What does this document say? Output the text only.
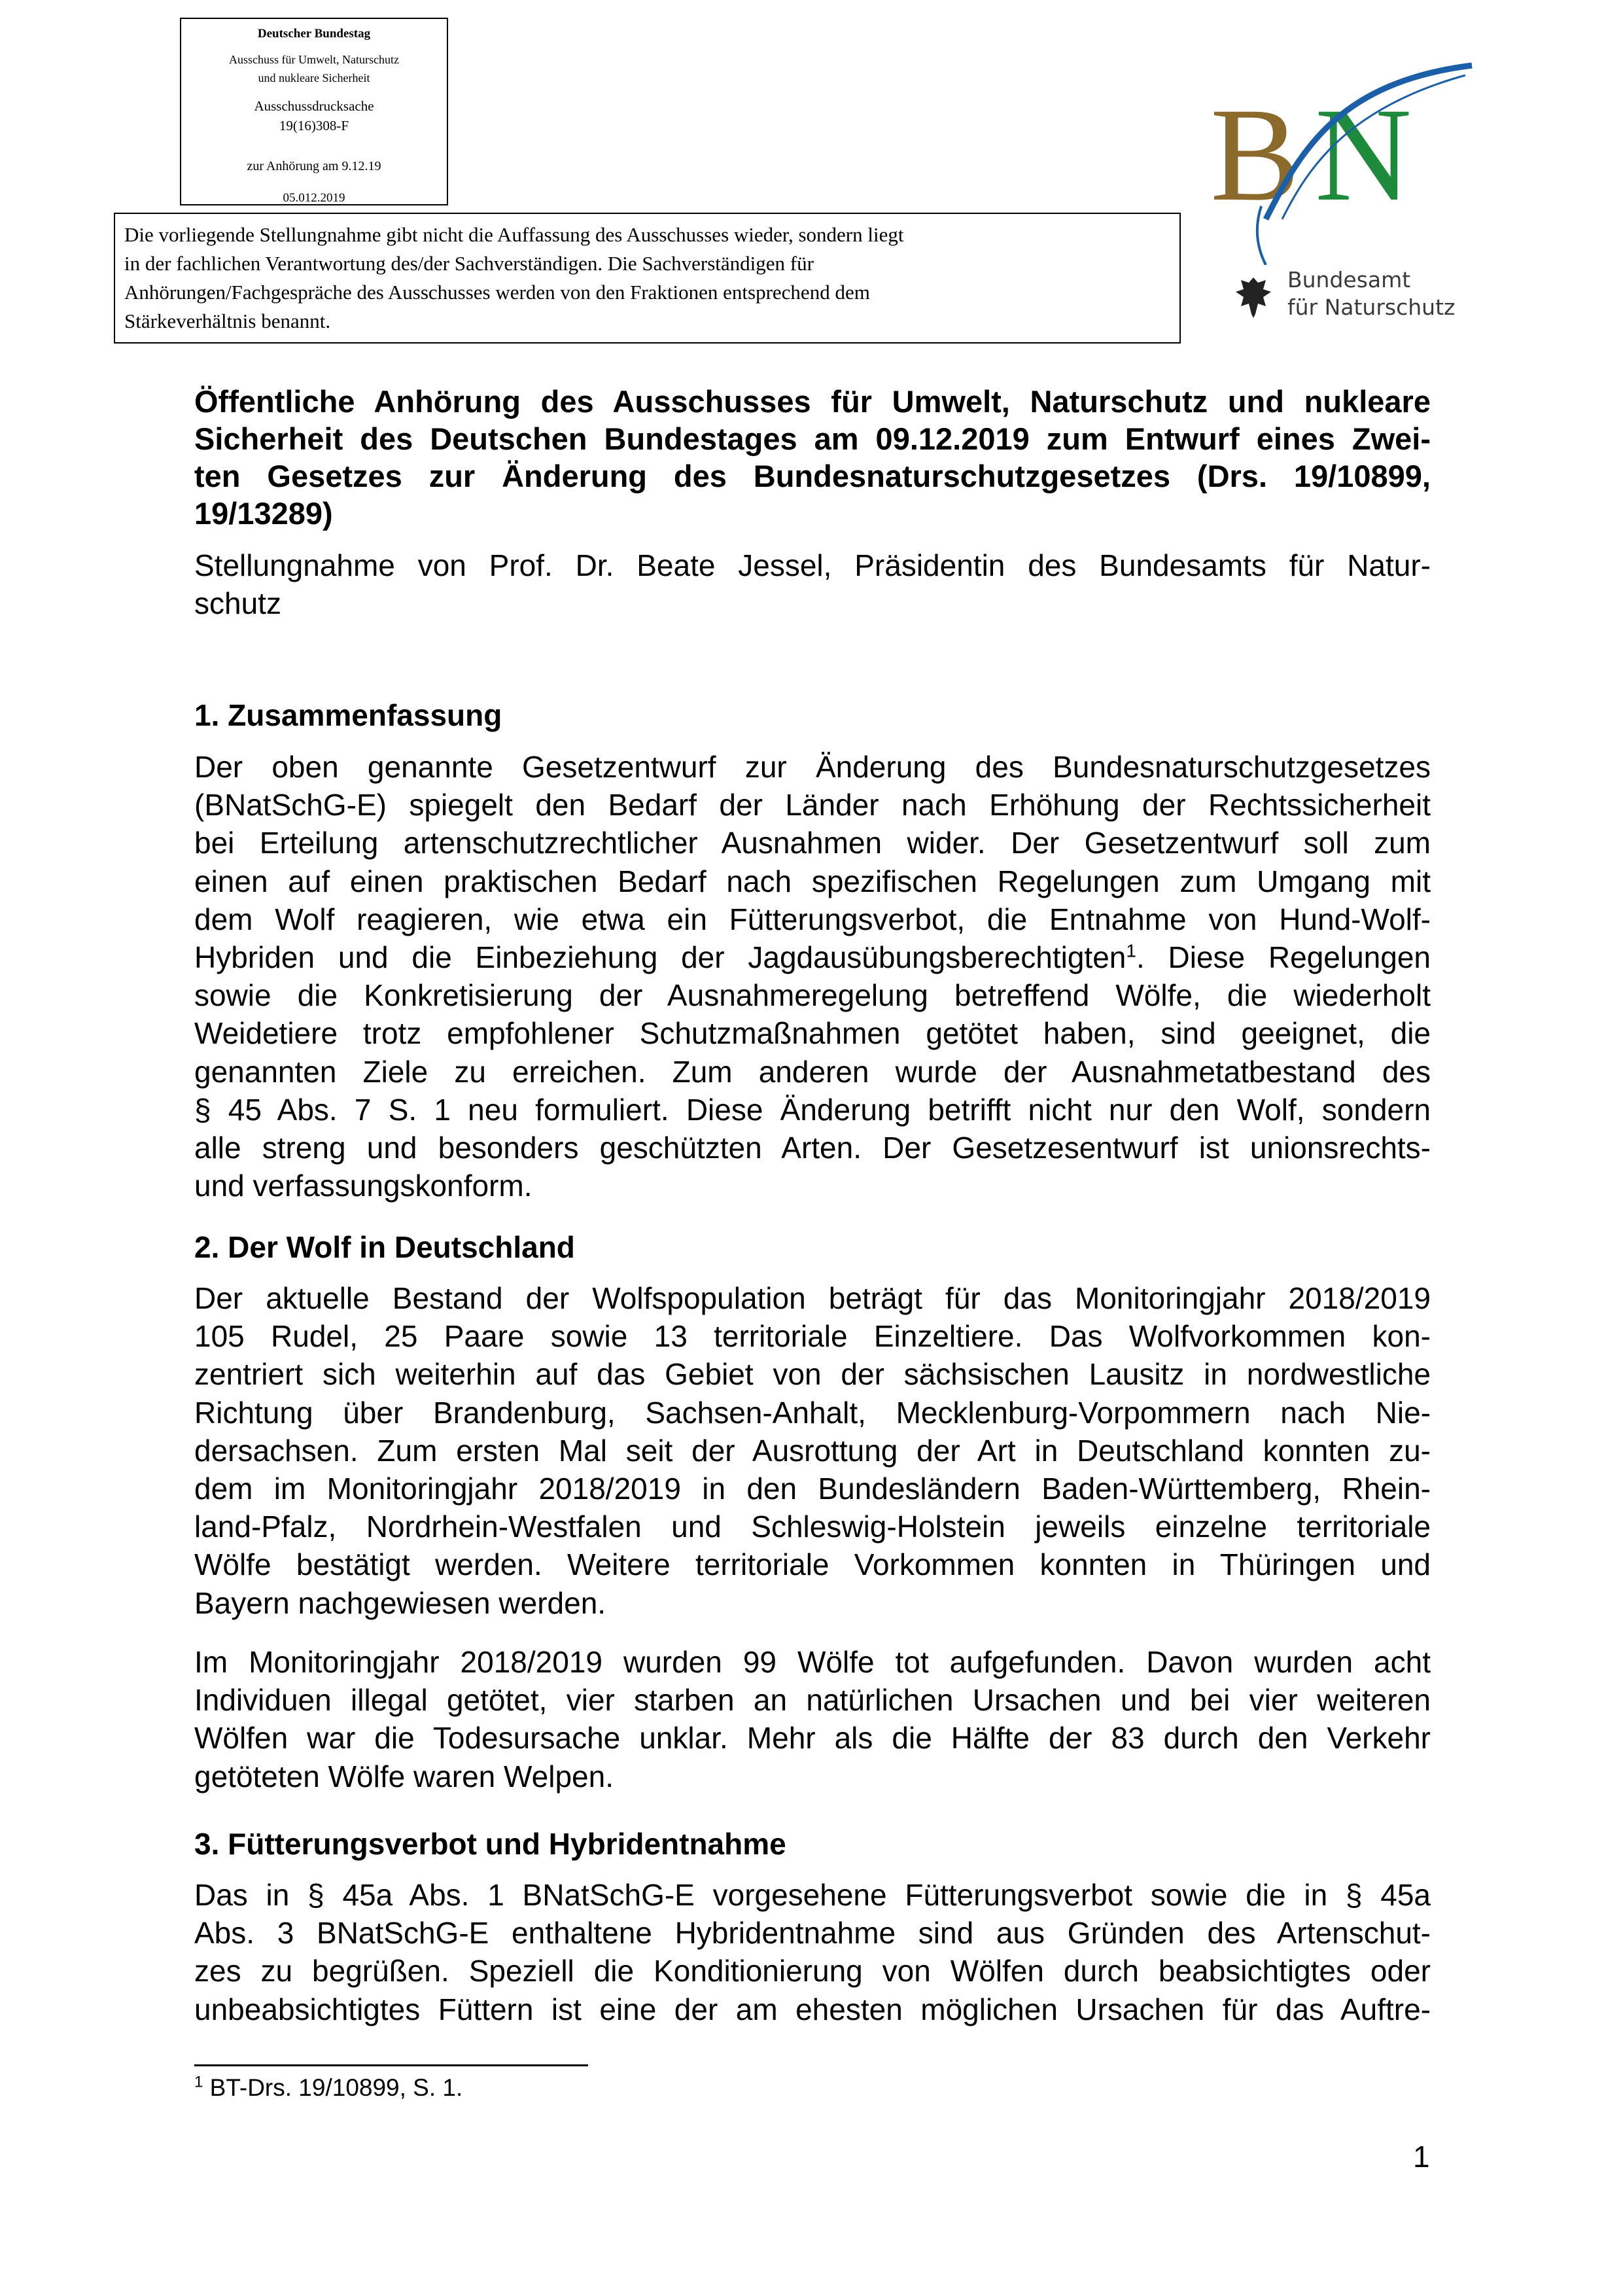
Deutscher Bundestag
Ausschuss für Umwelt, Naturschutz
und nukleare Sicherheit
Ausschussdrucksache
19(16)308-F
zur Anhörung am 9.12.19
05.012.2019
Die vorliegende Stellungnahme gibt nicht die Auffassung des Ausschusses wieder, sondern liegt
in der fachlichen Verantwortung des/der Sachverständigen. Die Sachverständigen für
Anhörungen/Fachgespräche des Ausschusses werden von den Fraktionen entsprechend dem
Stärkeverhältnis benannt.
B N
Bundesamt
für Naturschutz
Öffentliche Anhörung des Ausschusses für Umwelt, Naturschutz und nukleare
Sicherheit des Deutschen Bundestages am 09.12.2019 zum Entwurf eines Zwei-
ten Gesetzes zur Änderung des Bundesnaturschutzgesetzes (Drs. 19/10899,
19/13289)
Stellungnahme von Prof. Dr. Beate Jessel, Präsidentin des Bundesamts für Natur-
schutz
1. Zusammenfassung
Der oben genannte Gesetzentwurf zur Änderung des Bundesnaturschutzgesetzes
(BNatSchG-E) spiegelt den Bedarf der Länder nach Erhöhung der Rechtssicherheit
bei Erteilung artenschutzrechtlicher Ausnahmen wider. Der Gesetzentwurf soll zum
einen auf einen praktischen Bedarf nach spezifischen Regelungen zum Umgang mit
dem Wolf reagieren, wie etwa ein Fütterungsverbot, die Entnahme von Hund-Wolf-
Hybriden und die Einbeziehung der Jagdausübungsberechtigten$^1$. Diese Regelungen
sowie die Konkretisierung der Ausnahmeregelung betreffend Wölfe, die wiederholt
Weidetiere trotz empfohlener Schutzmaßnahmen getötet haben, sind geeignet, die
genannten Ziele zu erreichen. Zum anderen wurde der Ausnahmetatbestand des
§ 45 Abs. 7 S. 1 neu formuliert. Diese Änderung betrifft nicht nur den Wolf, sondern
alle streng und besonders geschützten Arten. Der Gesetzesentwurf ist unionsrechts-
und verfassungskonform.
2. Der Wolf in Deutschland
Der aktuelle Bestand der Wolfspopulation beträgt für das Monitoringjahr 2018/2019
105 Rudel, 25 Paare sowie 13 territoriale Einzeltiere. Das Wolfvorkommen kon-
zentriert sich weiterhin auf das Gebiet von der sächsischen Lausitz in nordwestliche
Richtung über Brandenburg, Sachsen-Anhalt, Mecklenburg-Vorpommern nach Nie-
dersachsen. Zum ersten Mal seit der Ausrottung der Art in Deutschland konnten zu-
dem im Monitoringjahr 2018/2019 in den Bundesländern Baden-Württemberg, Rhein-
land-Pfalz, Nordrhein-Westfalen und Schleswig-Holstein jeweils einzelne territoriale
Wölfe bestätigt werden. Weitere territoriale Vorkommen konnten in Thüringen und
Bayern nachgewiesen werden.
Im Monitoringjahr 2018/2019 wurden 99 Wölfe tot aufgefunden. Davon wurden acht
Individuen illegal getötet, vier starben an natürlichen Ursachen und bei vier weiteren
Wölfen war die Todesursache unklar. Mehr als die Hälfte der 83 durch den Verkehr
getöteten Wölfe waren Welpen.
3. Fütterungsverbot und Hybridentnahme
Das in § 45a Abs. 1 BNatSchG-E vorgesehene Fütterungsverbot sowie die in § 45a
Abs. 3 BNatSchG-E enthaltene Hybridentnahme sind aus Gründen des Artenschut-
zes zu begrüßen. Speziell die Konditionierung von Wölfen durch beabsichtigtes oder
unbeabsichtigtes Füttern ist eine der am ehesten möglichen Ursachen für das Auftre-
$^1$ BT-Drs. 19/10899, S. 1.
1
